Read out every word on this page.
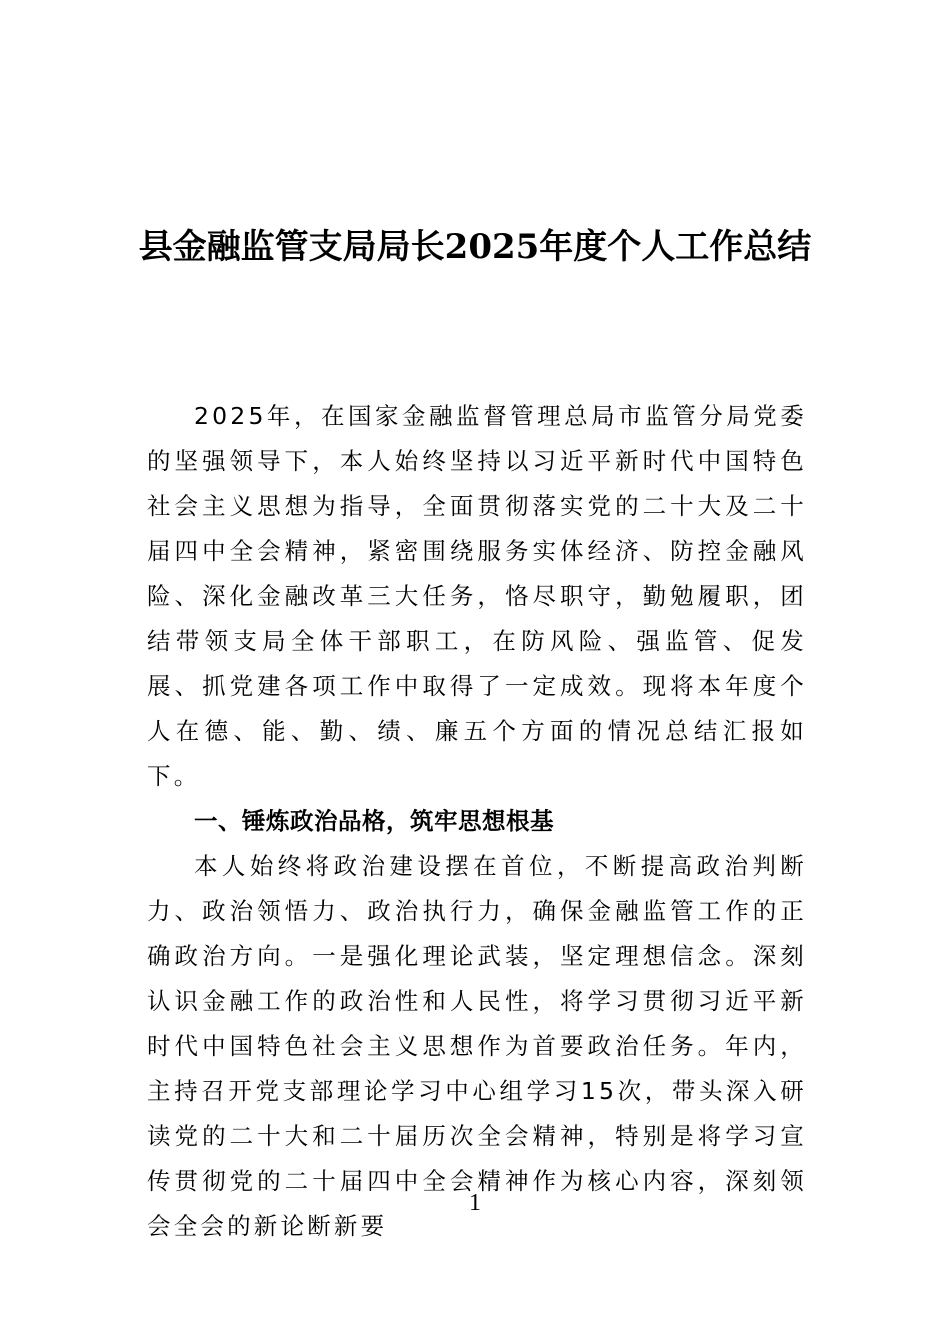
县金融监管支局局长2025年度个人工作总结

2025年，在国家金融监督管理总局市监管分局党委的坚强领导下，本人始终坚持以习近平新时代中国特色社会主义思想为指导，全面贯彻落实党的二十大及二十届四中全会精神，紧密围绕服务实体经济、防控金融风险、深化金融改革三大任务，恪尽职守，勤勉履职，团结带领支局全体干部职工，在防风险、强监管、促发展、抓党建各项工作中取得了一定成效。现将本年度个人在德、能、勤、绩、廉五个方面的情况总结汇报如下。

一、锤炼政治品格，筑牢思想根基

本人始终将政治建设摆在首位，不断提高政治判断力、政治领悟力、政治执行力，确保金融监管工作的正确政治方向。一是强化理论武装，坚定理想信念。深刻认识金融工作的政治性和人民性，将学习贯彻习近平新时代中国特色社会主义思想作为首要政治任务。年内，主持召开党支部理论学习中心组学习15次，带头深入研读党的二十大和二十届历次全会精神，特别是将学习宣传贯彻党的二十届四中全会精神作为核心内容，深刻领会全会的新论断新要

1
